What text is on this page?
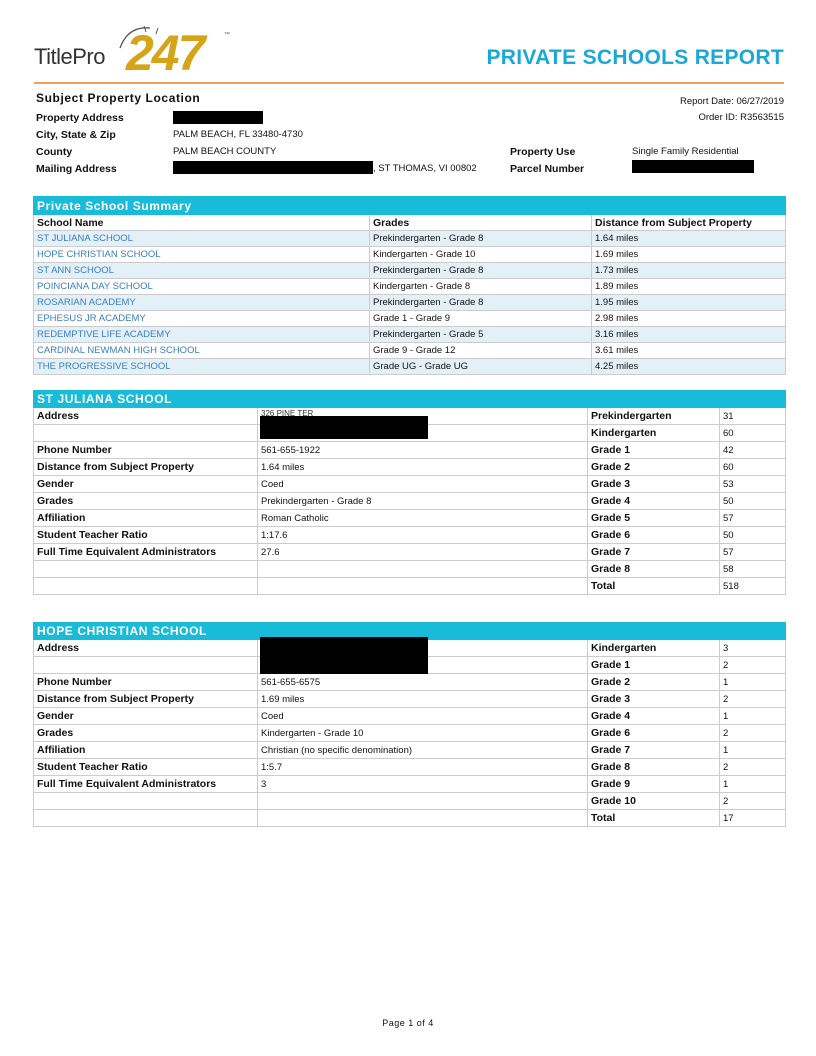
TitlePro 247	™
PRIVATE SCHOOLS REPORT
Subject Property Location	Report Date: 06/27/2019
Order ID: R3563515
Property Address
City, State & Zip	PALM BEACH, FL 33480-4730
County	PALM BEACH COUNTY	Property Use	Single Family Residential
Mailing Address	, ST THOMAS, VI 00802	Parcel Number
Private School Summary		
School Name	Grades	Distance from Subject Property
ST JULIANA SCHOOL	Prekindergarten - Grade 8	1.64 miles
HOPE CHRISTIAN SCHOOL	Kindergarten - Grade 10	1.69 miles
ST ANN SCHOOL	Prekindergarten - Grade 8	1.73 miles
POINCIANA DAY SCHOOL	Kindergarten - Grade 8	1.89 miles
ROSARIAN ACADEMY	Prekindergarten - Grade 8	1.95 miles
EPHESUS JR ACADEMY	Grade 1 - Grade 9	2.98 miles
REDEMPTIVE LIFE ACADEMY	Prekindergarten - Grade 5	3.16 miles
CARDINAL NEWMAN HIGH SCHOOL	Grade 9 - Grade 12	3.61 miles
THE PROGRESSIVE SCHOOL	Grade UG - Grade UG	4.25 miles
ST JULIANA SCHOOL			
Address		Prekindergarten	31
		Kindergarten	60
Phone Number	561-655-1922	Grade 1	42
Distance from Subject Property	1.64 miles	Grade 2	60
Gender	Coed	Grade 3	53
Grades	Prekindergarten - Grade 8	Grade 4	50
Affiliation	Roman Catholic	Grade 5	57
Student Teacher Ratio	1:17.6	Grade 6	50
Full Time Equivalent Administrators	27.6	Grade 7	57
		Grade 8	58
		Total	518
HOPE CHRISTIAN SCHOOL			
Address		Kindergarten	3
		Grade 1	2
Phone Number	561-655-6575	Grade 2	1
Distance from Subject Property	1.69 miles	Grade 3	2
Gender	Coed	Grade 4	1
Grades	Kindergarten - Grade 10	Grade 6	2
Affiliation	Christian (no specific denomination)	Grade 7	1
Student Teacher Ratio	1:5.7	Grade 8	2
Full Time Equivalent Administrators	3	Grade 9	1
		Grade 10	2
		Total	17
326 PINE TER
Page 1 of 4
